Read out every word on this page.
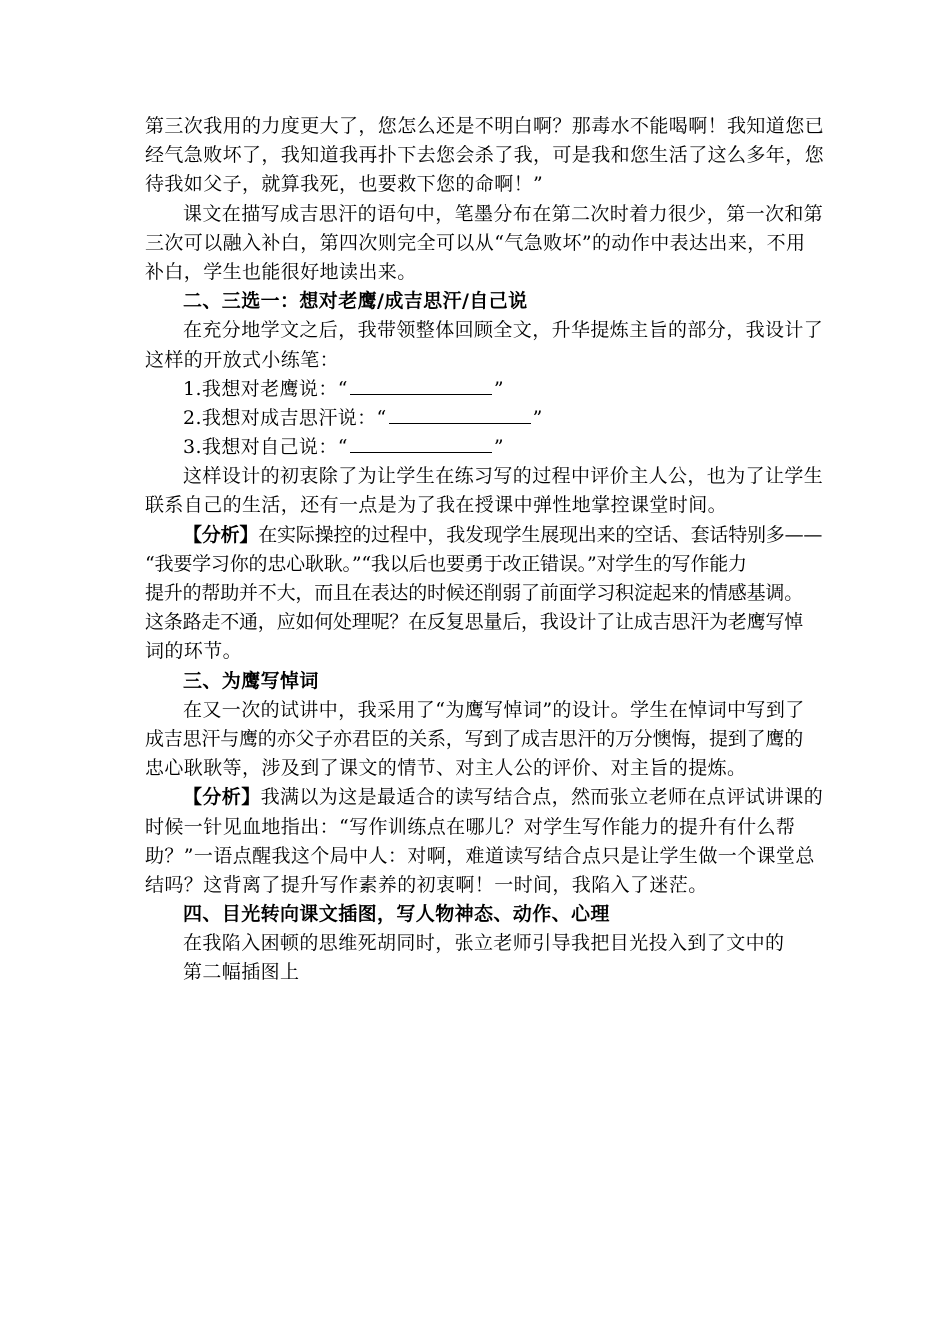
第三次我用的力度更大了，您怎么还是不明白啊？那毒水不能喝啊！我知道您已
经气急败坏了，我知道我再扑下去您会杀了我，可是我和您生活了这么多年，您
待我如父子，就算我死，也要救下您的命啊！”
课文在描写成吉思汗的语句中，笔墨分布在第二次时着力很少，第一次和第
三次可以融入补白，第四次则完全可以从“气急败坏”的动作中表达出来，不用
补白，学生也能很好地读出来。
二、三选一：想对老鹰/成吉思汗/自己说
在充分地学文之后，我带领整体回顾全文，升华提炼主旨的部分，我设计了
这样的开放式小练笔：
1.我想对老鹰说：“	”
2.我想对成吉思汗说：“	”
3.我想对自己说：“	”
这样设计的初衷除了为让学生在练习写的过程中评价主人公，也为了让学生
联系自己的生活，还有一点是为了我在授课中弹性地掌控课堂时间。
【分析】在实际操控的过程中，我发现学生展现出来的空话、套话特别多——
“我要学习你的忠心耿耿。”“我以后也要勇于改正错误。”对学生的写作能力
提升的帮助并不大，而且在表达的时候还削弱了前面学习积淀起来的情感基调。
这条路走不通，应如何处理呢？在反复思量后，我设计了让成吉思汗为老鹰写悼
词的环节。
三、为鹰写悼词
在又一次的试讲中，我采用了“为鹰写悼词”的设计。学生在悼词中写到了
成吉思汗与鹰的亦父子亦君臣的关系，写到了成吉思汗的万分懊悔，提到了鹰的
忠心耿耿等，涉及到了课文的情节、对主人公的评价、对主旨的提炼。
【分析】我满以为这是最适合的读写结合点，然而张立老师在点评试讲课的
时候一针见血地指出：“写作训练点在哪儿？对学生写作能力的提升有什么帮
助？”一语点醒我这个局中人：对啊，难道读写结合点只是让学生做一个课堂总
结吗？这背离了提升写作素养的初衷啊！一时间，我陷入了迷茫。
四、目光转向课文插图，写人物神态、动作、心理
在我陷入困顿的思维死胡同时，张立老师引导我把目光投入到了文中的
第二幅插图上
